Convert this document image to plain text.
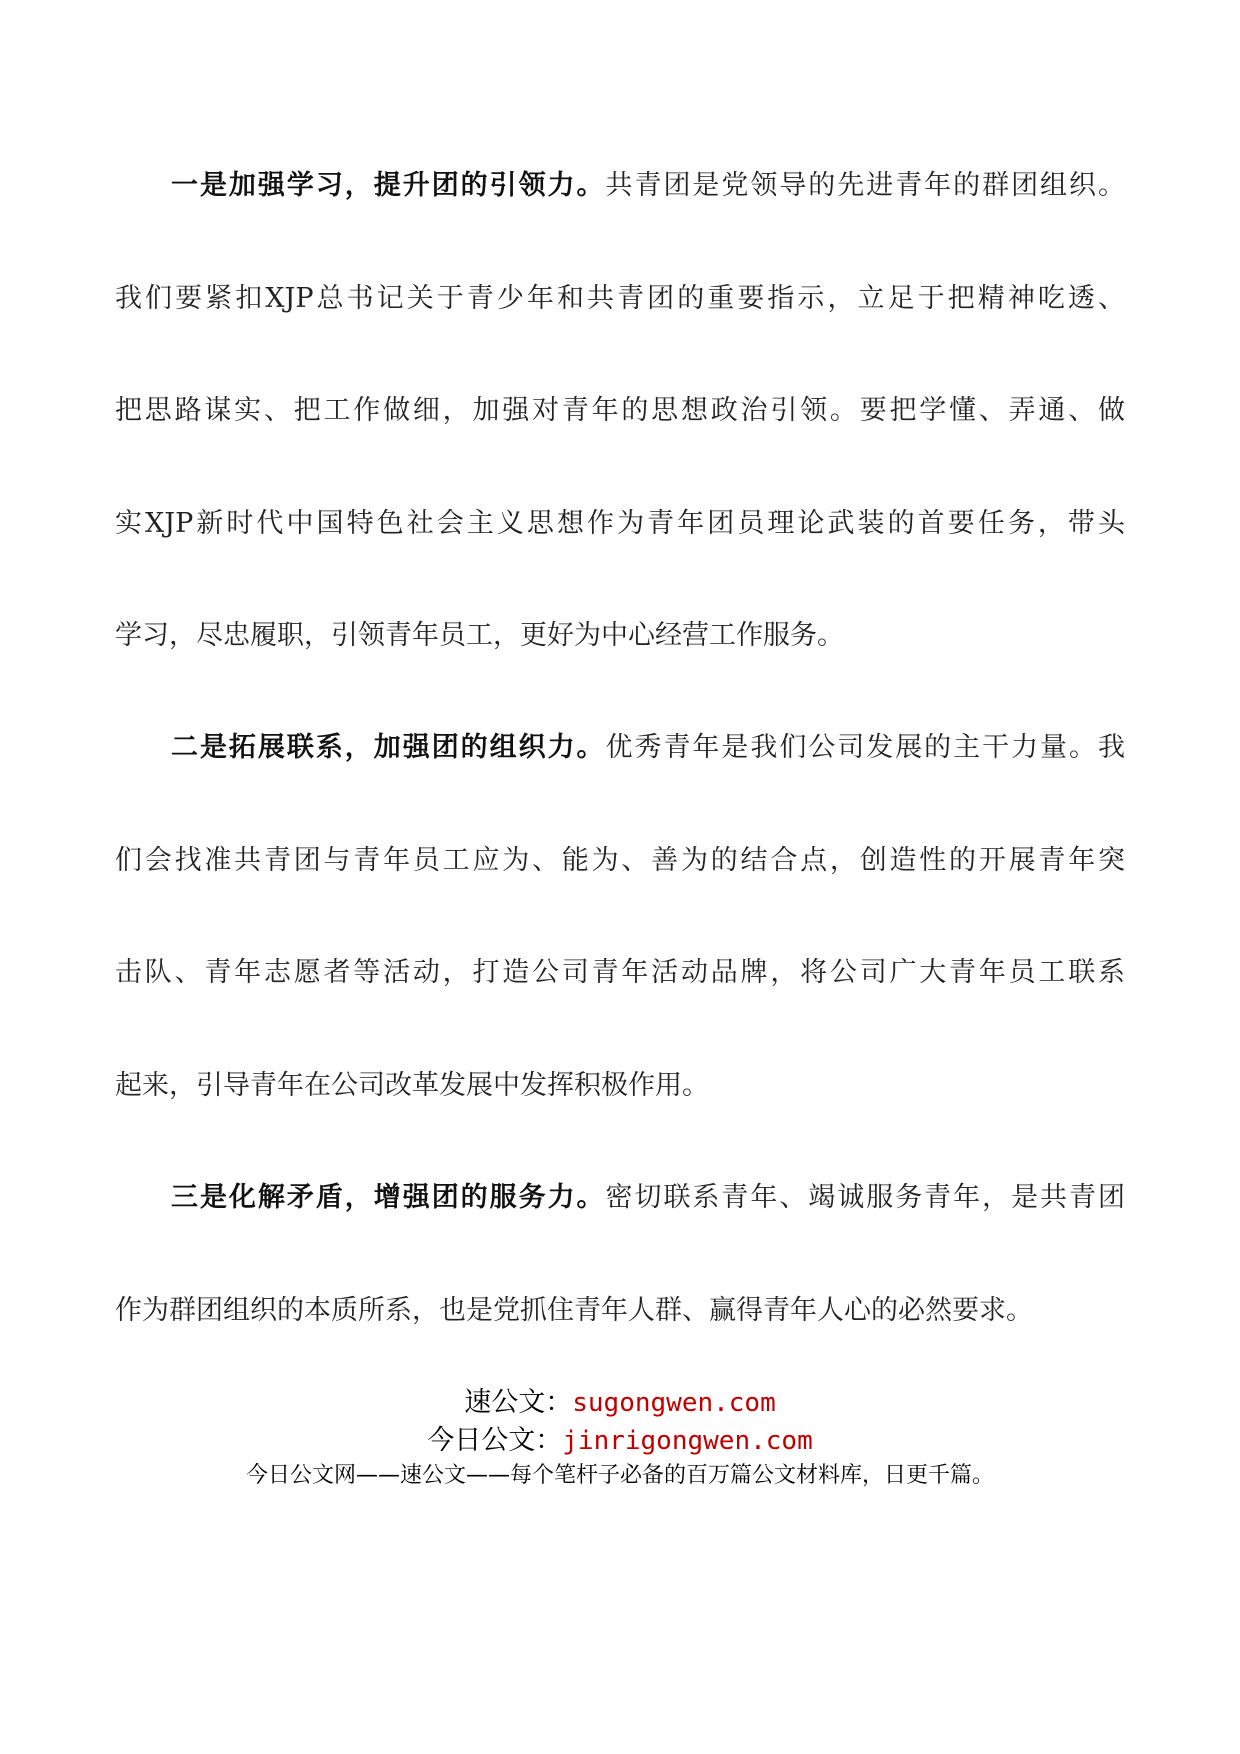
一是加强学习，提升团的引领力。共青团是党领导的先进青年的群团组织。
我们要紧扣XJP总书记关于青少年和共青团的重要指示，立足于把精神吃透、
把思路谋实、把工作做细，加强对青年的思想政治引领。要把学懂、弄通、做
实XJP新时代中国特色社会主义思想作为青年团员理论武装的首要任务，带头
学习，尽忠履职，引领青年员工，更好为中心经营工作服务。
二是拓展联系，加强团的组织力。优秀青年是我们公司发展的主干力量。我
们会找准共青团与青年员工应为、能为、善为的结合点，创造性的开展青年突
击队、青年志愿者等活动，打造公司青年活动品牌，将公司广大青年员工联系
起来，引导青年在公司改革发展中发挥积极作用。
三是化解矛盾，增强团的服务力。密切联系青年、竭诚服务青年，是共青团
作为群团组织的本质所系，也是党抓住青年人群、赢得青年人心的必然要求。
速公文：sugongwen.com
今日公文：jinrigongwen.com
今日公文网——速公文——每个笔杆子必备的百万篇公文材料库，日更千篇。
